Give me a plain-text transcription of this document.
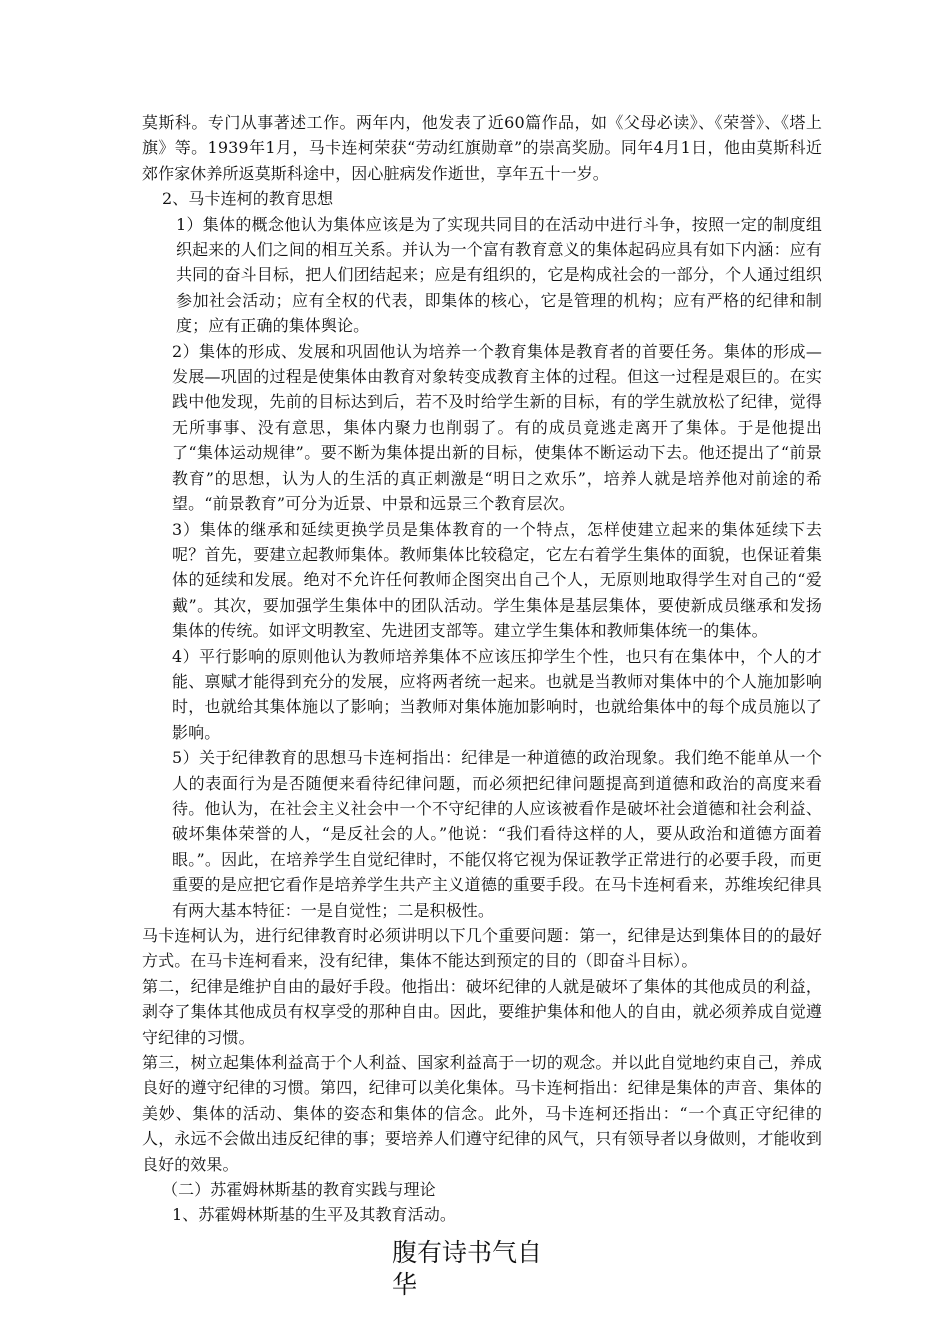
莫斯科。专门从事著述工作。两年内，他发表了近60篇作品，如《父母必读》、《荣誉》、《塔上旗》等。1939年1月，马卡连柯荣获“劳动红旗勋章”的崇高奖励。同年4月1日，他由莫斯科近郊作家休养所返莫斯科途中，因心脏病发作逝世，享年五十一岁。

2、马卡连柯的教育思想

1）集体的概念他认为集体应该是为了实现共同目的在活动中进行斗争，按照一定的制度组织起来的人们之间的相互关系。并认为一个富有教育意义的集体起码应具有如下内涵：应有共同的奋斗目标，把人们团结起来；应是有组织的，它是构成社会的一部分，个人通过组织参加社会活动；应有全权的代表，即集体的核心，它是管理的机构；应有严格的纪律和制度；应有正确的集体舆论。

2）集体的形成、发展和巩固他认为培养一个教育集体是教育者的首要任务。集体的形成—发展—巩固的过程是使集体由教育对象转变成教育主体的过程。但这一过程是艰巨的。在实践中他发现，先前的目标达到后，若不及时给学生新的目标，有的学生就放松了纪律，觉得无所事事、没有意思，集体内聚力也削弱了。有的成员竟逃走离开了集体。于是他提出了“集体运动规律”。要不断为集体提出新的目标，使集体不断运动下去。他还提出了“前景教育”的思想，认为人的生活的真正刺激是“明日之欢乐”，培养人就是培养他对前途的希望。“前景教育”可分为近景、中景和远景三个教育层次。

3）集体的继承和延续更换学员是集体教育的一个特点，怎样使建立起来的集体延续下去呢？首先，要建立起教师集体。教师集体比较稳定，它左右着学生集体的面貌，也保证着集体的延续和发展。绝对不允许任何教师企图突出自己个人，无原则地取得学生对自己的“爱戴”。其次，要加强学生集体中的团队活动。学生集体是基层集体，要使新成员继承和发扬集体的传统。如评文明教室、先进团支部等。建立学生集体和教师集体统一的集体。

4）平行影响的原则他认为教师培养集体不应该压抑学生个性，也只有在集体中，个人的才能、禀赋才能得到充分的发展，应将两者统一起来。也就是当教师对集体中的个人施加影响时，也就给其集体施以了影响；当教师对集体施加影响时，也就给集体中的每个成员施以了影响。

5）关于纪律教育的思想马卡连柯指出：纪律是一种道德的政治现象。我们绝不能单从一个人的表面行为是否随便来看待纪律问题，而必须把纪律问题提高到道德和政治的高度来看待。他认为，在社会主义社会中一个不守纪律的人应该被看作是破坏社会道德和社会利益、破坏集体荣誉的人，“是反社会的人。”他说：“我们看待这样的人，要从政治和道德方面着眼。”。因此，在培养学生自觉纪律时，不能仅将它视为保证教学正常进行的必要手段，而更重要的是应把它看作是培养学生共产主义道德的重要手段。在马卡连柯看来，苏维埃纪律具有两大基本特征：一是自觉性；二是积极性。

马卡连柯认为，进行纪律教育时必须讲明以下几个重要问题：第一，纪律是达到集体目的的最好方式。在马卡连柯看来，没有纪律，集体不能达到预定的目的（即奋斗目标）。

第二，纪律是维护自由的最好手段。他指出：破坏纪律的人就是破坏了集体的其他成员的利益，剥夺了集体其他成员有权享受的那种自由。因此，要维护集体和他人的自由，就必须养成自觉遵守纪律的习惯。

第三，树立起集体利益高于个人利益、国家利益高于一切的观念。并以此自觉地约束自己，养成良好的遵守纪律的习惯。第四，纪律可以美化集体。马卡连柯指出：纪律是集体的声音、集体的美妙、集体的活动、集体的姿态和集体的信念。此外，马卡连柯还指出：“一个真正守纪律的人，永远不会做出违反纪律的事；要培养人们遵守纪律的风气，只有领导者以身做则，才能收到良好的效果。

（二）苏霍姆林斯基的教育实践与理论

1、苏霍姆林斯基的生平及其教育活动。

腹有诗书气自华
